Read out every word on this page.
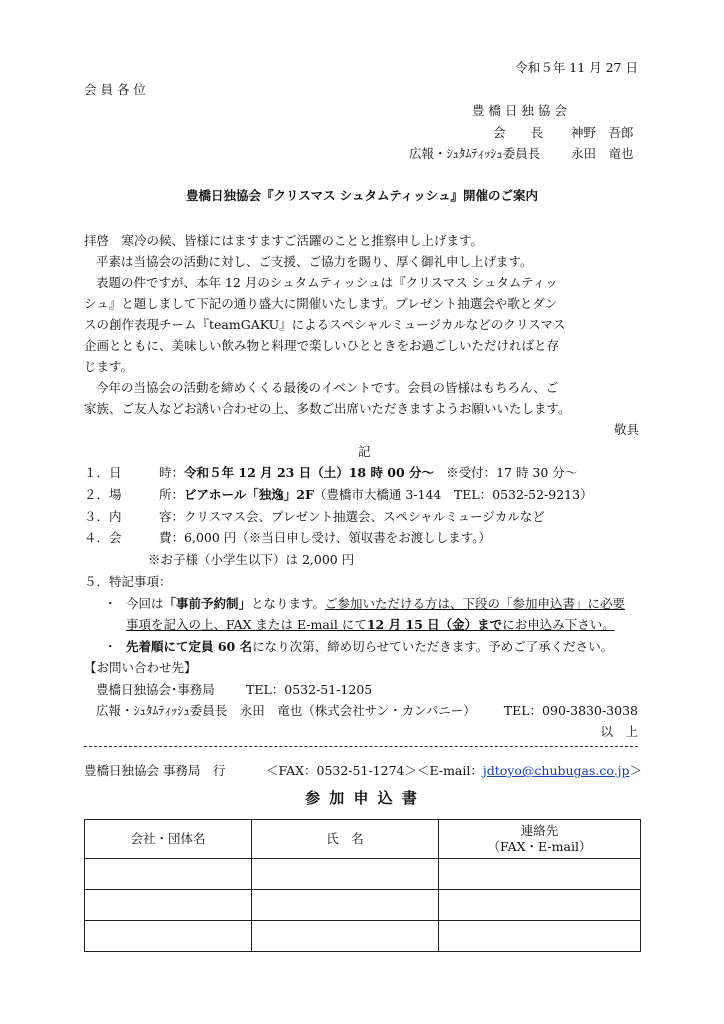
令和５年 11 月 27 日
会 員 各 位
豊 橋 日 独 協 会
会　　長 神野　吾郎
広報・ｼｭﾀﾑﾃｨｯｼｭ委員長 永田　竜也
豊橋日独協会『クリスマス シュタムティッシュ』開催のご案内
拝啓　寒冷の候、皆様にはますますご活躍のことと推察申し上げます。
平素は当協会の活動に対し、ご支援、ご協力を賜り、厚く御礼申し上げます。
表題の件ですが、本年 12 月のシュタムティッシュは『クリスマス シュタムティッ
シュ』と題しまして下記の通り盛大に開催いたします。プレゼント抽選会や歌とダン
スの創作表現チーム『teamGAKU』によるスペシャルミュージカルなどのクリスマス
企画とともに、美味しい飲み物と料理で楽しいひとときをお過ごしいただければと存
じます。
今年の当協会の活動を締めくくる最後のイベントです。会員の皆様はもちろん、ご
家族、ご友人などお誘い合わせの上、多数ご出席いただきますようお願いいたします。
敬具
記
１．日　　　時：令和５年 12 月 23 日（土）18 時 00 分～ ※受付：17 時 30 分～
２．場　　　所：ビアホール「独逸」2F（豊橋市大橋通 3-144　TEL：0532-52-9213）
３．内　　　容：クリスマス会、プレゼント抽選会、スペシャルミュージカルなど
４．会　　　費：6,000 円（※当日申し受け、領収書をお渡しします。）
※お子様（小学生以下）は 2,000 円
５．特記事項：
・ 今回は「事前予約制」となります。ご参加いただける方は、下段の「参加申込書」に必要
事項を記入の上、FAX または E-mail にて12 月 15 日（金）までにお申込み下さい。
・ 先着順にて定員 60 名になり次第、締め切らせていただきます。予めご了承ください。
【お問い合わせ先】
豊橋日独協会･事務局 TEL：0532-51-1205
広報・ｼｭﾀﾑﾃｨｯｼｭ委員長　永田　竜也（株式会社サン・カンパニー） TEL：090-3830-3038
以　上
豊橋日独協会 事務局　行	＜FAX：0532-51-1274＞＜E-mail：jdtoyo@chubugas.co.jp＞
参 加 申 込 書
会社・団体名	氏　名	連絡先
（FAX・E-mail）
